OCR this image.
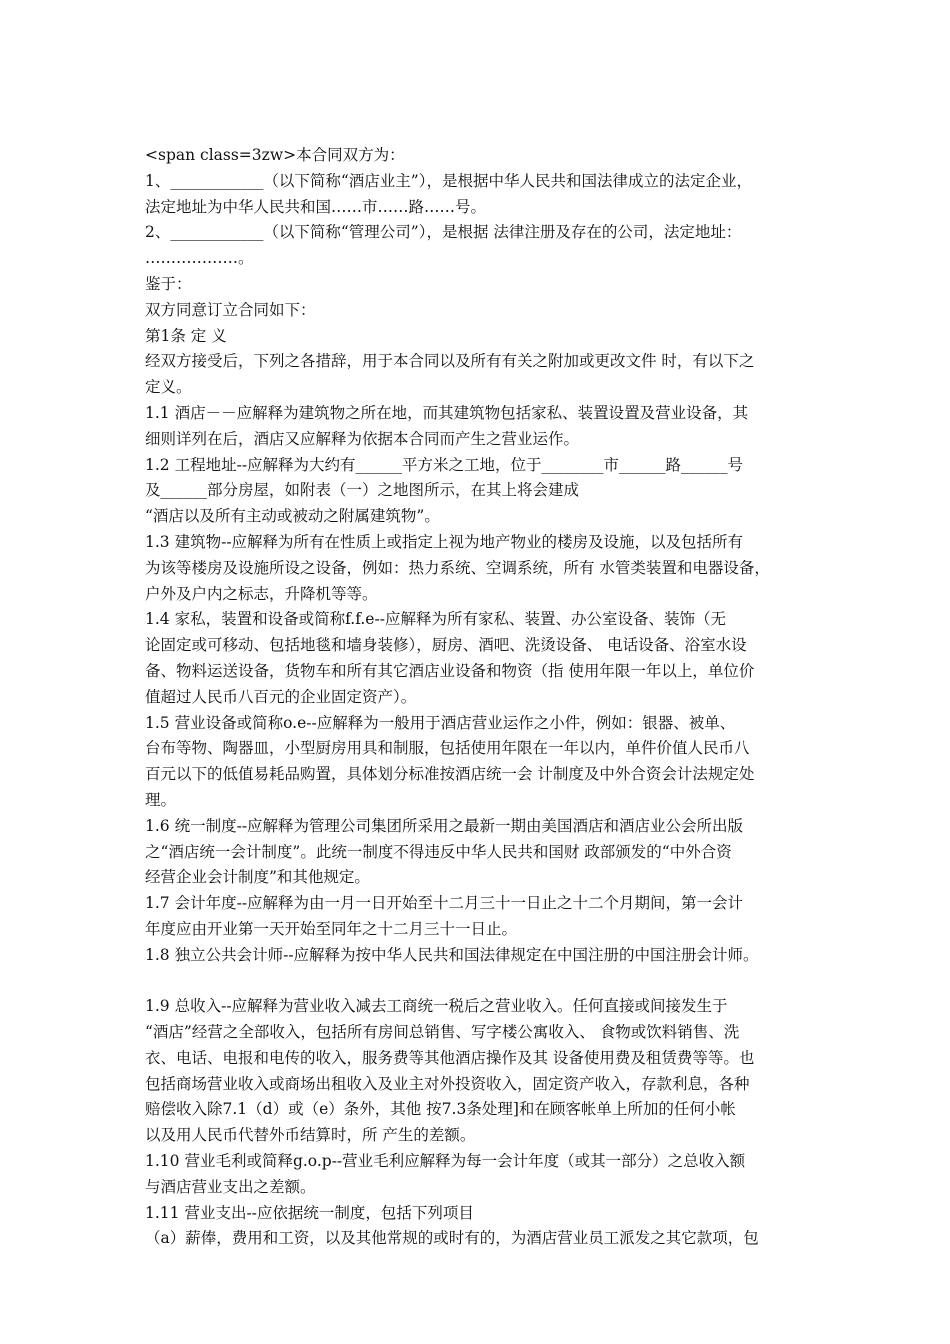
<span class=3zw>本合同双方为：
1、____________（以下简称“酒店业主”），是根据中华人民共和国法律成立的法定企业，
法定地址为中华人民共和国……市……路……号。
2、____________（以下简称“管理公司”），是根据 法律注册及存在的公司，法定地址：
………………。
鉴于：
双方同意订立合同如下：
第1条 定 义
经双方接受后，下列之各措辞，用于本合同以及所有有关之附加或更改文件 时，有以下之
定义。
1.1 酒店－－应解释为建筑物之所在地，而其建筑物包括家私、装置设置及营业设备，其
细则详列在后，酒店又应解释为依据本合同而产生之营业运作。
1.2 工程地址--应解释为大约有______平方米之工地，位于________市______路______号
及______部分房屋，如附表（一）之地图所示，在其上将会建成
“酒店以及所有主动或被动之附属建筑物”。
1.3 建筑物--应解释为所有在性质上或指定上视为地产物业的楼房及设施，以及包括所有
为该等楼房及设施所设之设备，例如：热力系统、空调系统，所有 水管类装置和电器设备，
户外及户内之标志，升降机等等。
1.4 家私，装置和设备或简称f.f.e--应解释为所有家私、装置、办公室设备、装饰（无
论固定或可移动、包括地毯和墙身装修），厨房、酒吧、洗烫设备、 电话设备、浴室水设
备、物料运送设备，货物车和所有其它酒店业设备和物资（指 使用年限一年以上，单位价
值超过人民币八百元的企业固定资产）。
1.5 营业设备或简称o.e--应解释为一般用于酒店营业运作之小件，例如：银器、被单、
台布等物、陶器皿，小型厨房用具和制服，包括使用年限在一年以内，单件价值人民币八
百元以下的低值易耗品购置，具体划分标准按酒店统一会 计制度及中外合资会计法规定处
理。
1.6 统一制度--应解释为管理公司集团所采用之最新一期由美国酒店和酒店业公会所出版
之“酒店统一会计制度”。此统一制度不得违反中华人民共和国财 政部颁发的“中外合资
经营企业会计制度”和其他规定。
1.7 会计年度--应解释为由一月一日开始至十二月三十一日止之十二个月期间，第一会计
年度应由开业第一天开始至同年之十二月三十一日止。
1.8 独立公共会计师--应解释为按中华人民共和国法律规定在中国注册的中国注册会计师。
1.9 总收入--应解释为营业收入减去工商统一税后之营业收入。任何直接或间接发生于
“酒店”经营之全部收入，包括所有房间总销售、写字楼公寓收入、 食物或饮料销售、洗
衣、电话、电报和电传的收入，服务费等其他酒店操作及其 设备使用费及租赁费等等。也
包括商场营业收入或商场出租收入及业主对外投资收入，固定资产收入，存款利息，各种
赔偿收入除7.1（d）或（e）条外，其他 按7.3条处理]和在顾客帐单上所加的任何小帐
以及用人民币代替外币结算时，所 产生的差额。
1.10 营业毛利或简释g.o.p--营业毛利应解释为每一会计年度（或其一部分）之总收入额
与酒店营业支出之差额。
1.11 营业支出--应依据统一制度，包括下列项目
（a）薪俸，费用和工资，以及其他常规的或时有的，为酒店营业员工派发之其它款项，包
